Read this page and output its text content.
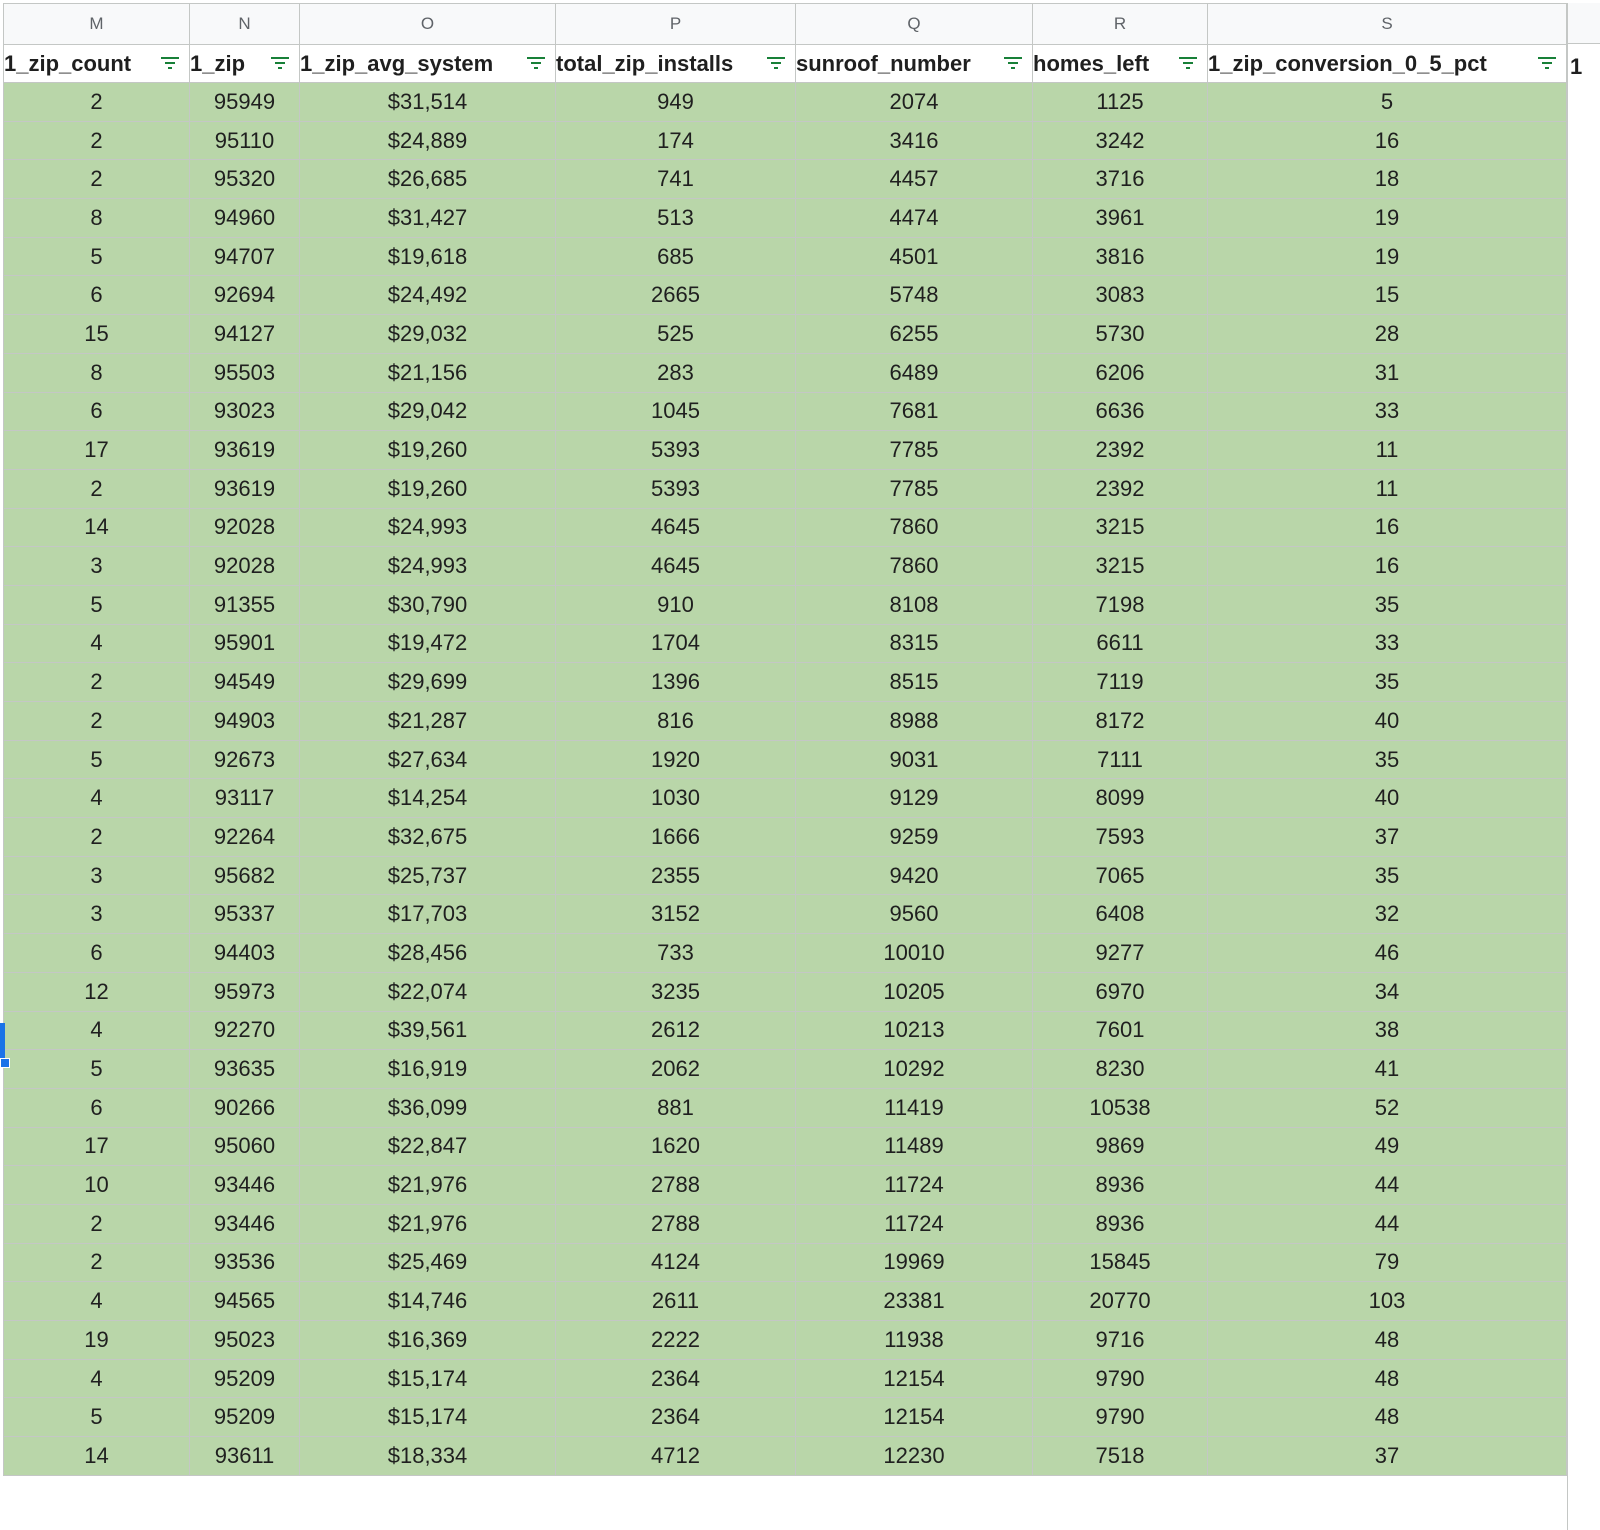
M	N	O	P	Q	R	S
1_zip_count	1_zip	1_zip_avg_system	total_zip_installs	sunroof_number	homes_left	1_zip_conversion_0_5_pct

2	95949	$31,514	949	2074	1125	5
2	95110	$24,889	174	3416	3242	16
2	95320	$26,685	741	4457	3716	18
8	94960	$31,427	513	4474	3961	19
5	94707	$19,618	685	4501	3816	19
6	92694	$24,492	2665	5748	3083	15
15	94127	$29,032	525	6255	5730	28
8	95503	$21,156	283	6489	6206	31
6	93023	$29,042	1045	7681	6636	33
17	93619	$19,260	5393	7785	2392	11
2	93619	$19,260	5393	7785	2392	11
14	92028	$24,993	4645	7860	3215	16
3	92028	$24,993	4645	7860	3215	16
5	91355	$30,790	910	8108	7198	35
4	95901	$19,472	1704	8315	6611	33
2	94549	$29,699	1396	8515	7119	35
2	94903	$21,287	816	8988	8172	40
5	92673	$27,634	1920	9031	7111	35
4	93117	$14,254	1030	9129	8099	40
2	92264	$32,675	1666	9259	7593	37
3	95682	$25,737	2355	9420	7065	35
3	95337	$17,703	3152	9560	6408	32
6	94403	$28,456	733	10010	9277	46
12	95973	$22,074	3235	10205	6970	34
4	92270	$39,561	2612	10213	7601	38
5	93635	$16,919	2062	10292	8230	41
6	90266	$36,099	881	11419	10538	52
17	95060	$22,847	1620	11489	9869	49
10	93446	$21,976	2788	11724	8936	44
2	93446	$21,976	2788	11724	8936	44
2	93536	$25,469	4124	19969	15845	79
4	94565	$14,746	2611	23381	20770	103
19	95023	$16,369	2222	11938	9716	48
4	95209	$15,174	2364	12154	9790	48
5	95209	$15,174	2364	12154	9790	48
14	93611	$18,334	4712	12230	7518	37
1
